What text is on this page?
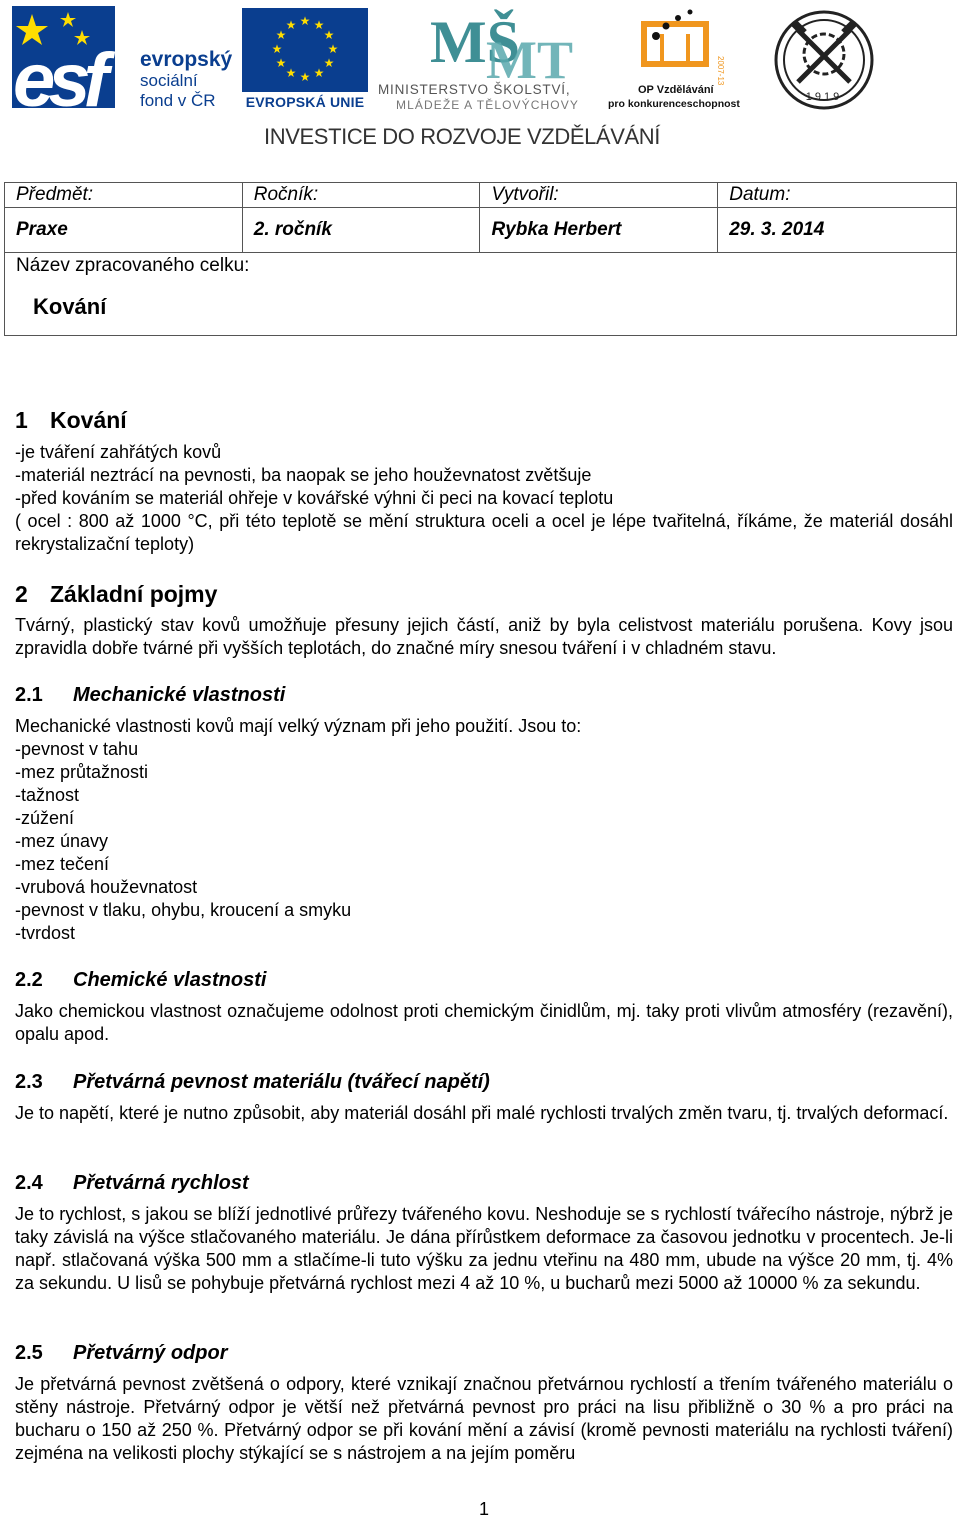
esf	evropský
sociální
fond v ČR
★ ★
★
★
★
★
★
★
★
★
★
★
EVROPSKÁ UNIE
MŠ
MT
MINISTERSTVO ŠKOLSTVÍ,
MLÁDEŽE A TĚLOVÝCHOVY
2007-13
OP Vzdělávání
pro konkurenceschopnost
1919
INVESTICE DO ROZVOJE VZDĚLÁVÁNÍ
Předmět:	Ročník:	Vytvořil:	Datum:
Praxe	2. ročník	Rybka Herbert	29. 3. 2014
Název zpracovaného celku:			
Kování			
1 Kování
-je tváření zahřátých kovů
-materiál neztrácí na pevnosti, ba naopak se jeho houževnatost zvětšuje
-před kováním se materiál ohřeje v kovářské výhni či peci na kovací teplotu
( ocel : 800 až 1000 °C, při této teplotě se mění struktura oceli a ocel je lépe tvařitelná, říkáme, že materiál dosáhl rekrystalizační teploty)
2 Základní pojmy
Tvárný, plastický stav kovů umožňuje přesuny jejich částí, aniž by byla celistvost materiálu porušena. Kovy jsou zpravidla dobře tvárné při vyšších teplotách, do značné míry snesou tváření i v chladném stavu.
2.1 Mechanické vlastnosti
Mechanické vlastnosti kovů mají velký význam při jeho použití. Jsou to:
-pevnost v tahu
-mez průtažnosti
-tažnost
-zúžení
-mez únavy
-mez tečení
-vrubová houževnatost
-pevnost v tlaku, ohybu, kroucení a smyku
-tvrdost
2.2 Chemické vlastnosti
Jako chemickou vlastnost označujeme odolnost proti chemickým činidlům, mj. taky proti vlivům atmosféry (rezavění), opalu apod.
2.3 Přetvárná pevnost materiálu (tvářecí napětí)
Je to napětí, které je nutno způsobit, aby materiál dosáhl při malé rychlosti trvalých změn tvaru, tj. trvalých deformací.
2.4 Přetvárná rychlost
Je to rychlost, s jakou se blíží jednotlivé průřezy tvářeného kovu. Neshoduje se s rychlostí tvářecího nástroje, nýbrž je taky závislá na výšce stlačovaného materiálu. Je dána přírůstkem deformace za časovou jednotku v procentech. Je-li např. stlačovaná výška 500 mm a stlačíme-li tuto výšku za jednu vteřinu na 480 mm, ubude na výšce 20 mm, tj. 4% za sekundu. U lisů se pohybuje přetvárná rychlost mezi 4 až 10 %, u bucharů mezi 5000 až 10000 % za sekundu.
2.5 Přetvárný odpor
Je přetvárná pevnost zvětšená o odpory, které vznikají značnou přetvárnou rychlostí a třením tvářeného materiálu o stěny nástroje. Přetvárný odpor je větší než přetvárná pevnost pro práci na lisu přibližně o 30 % a pro práci na bucharu o 150 až 250 %. Přetvárný odpor se při kování mění a závisí (kromě pevnosti materiálu na rychlosti tváření) zejména na velikosti plochy stýkající se s nástrojem a na jejím poměru
1
